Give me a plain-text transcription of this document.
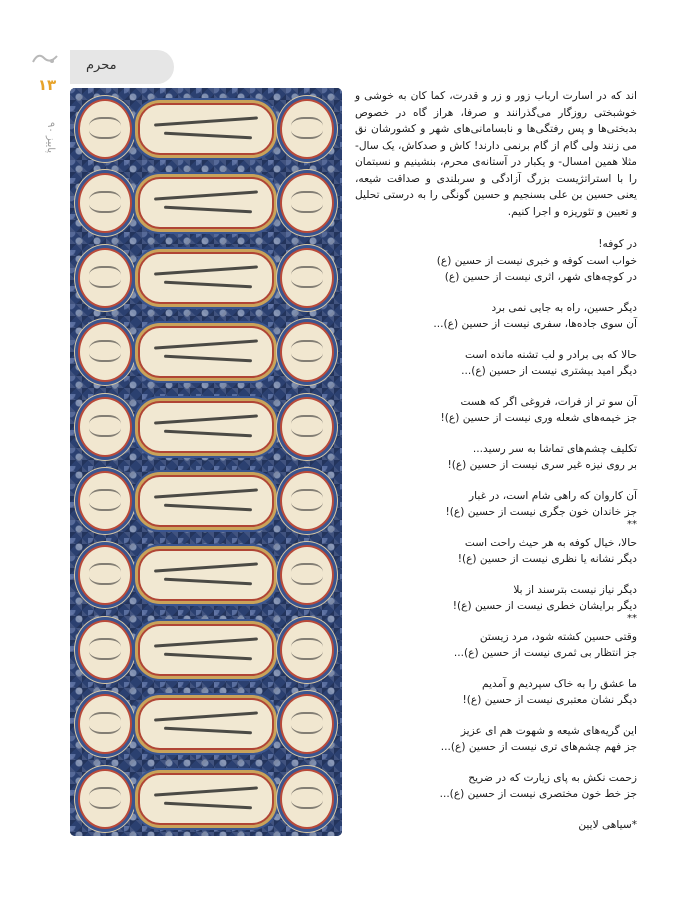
محرم
۱۳
پاییز ۹۰

اند که در اسارت ارباب زور و زر و قدرت، کما کان به خوشی و خوشبختی روزگار می‌گذرانند و صرفا، هراز گاه در خصوص بدبختی‌ها و پس رفتگی‌ها و نابسامانی‌های شهر و کشورشان نق می زنند ولی گام از گام برنمی دارند! کاش و صدکاش، یک سال- مثلا همین امسال- و یکبار در آستانه‌ی محرم، بنشینیم و نسبتمان را با استراتژیست بزرگ آزادگی و سربلندی و صداقت شیعه، یعنی حسین بن علی بسنجیم و حسین گونگی را به درستی تحلیل و تعیین و تئوریزه و اجرا کنیم.

در کوفه!
خواب است کوفه و خبری نیست از حسین (ع)
در کوچه‌های شهر، اثری نیست از حسین (ع)

دیگر حسین، راه به جایی نمی برد
آن سوی جاده‌ها، سفری نیست از حسین (ع)...

حالا که بی برادر و لب تشنه مانده است
دیگر امید بیشتری نیست از حسین (ع)...

آن سو تر از فرات، فروغی اگر که هست
جز خیمه‌های شعله وری نیست از حسین (ع)!

تکلیف چشم‌های تماشا به سر رسید...
بر روی نیزه غیر سری نیست از حسین (ع)!

آن کاروان که راهی شام است، در غبار
جز خاندان خون جگری نیست از حسین (ع)!
**

حالا، خیال کوفه به هر حیث راحت است
دیگر نشانه یا نظری نیست از حسین (ع)!

دیگر نیاز نیست بترسند از بلا
دیگر برایشان خطری نیست از حسین (ع)!
**

وقتی حسین کشته شود، مرد زیستن
جز انتظار بی ثمری نیست از حسین (ع)...

ما عشق را به خاک سپردیم و آمدیم
دیگر نشان معتبری نیست از حسین (ع)!

این گریه‌های شیعه و شهوت هم ای عزیز
جز فهم چشم‌های تری نیست از حسین (ع)...

زحمت نکش به پای زیارت که در ضریح
جز خط خون مختصری نیست از حسین (ع)...

*سیاهی لایین
